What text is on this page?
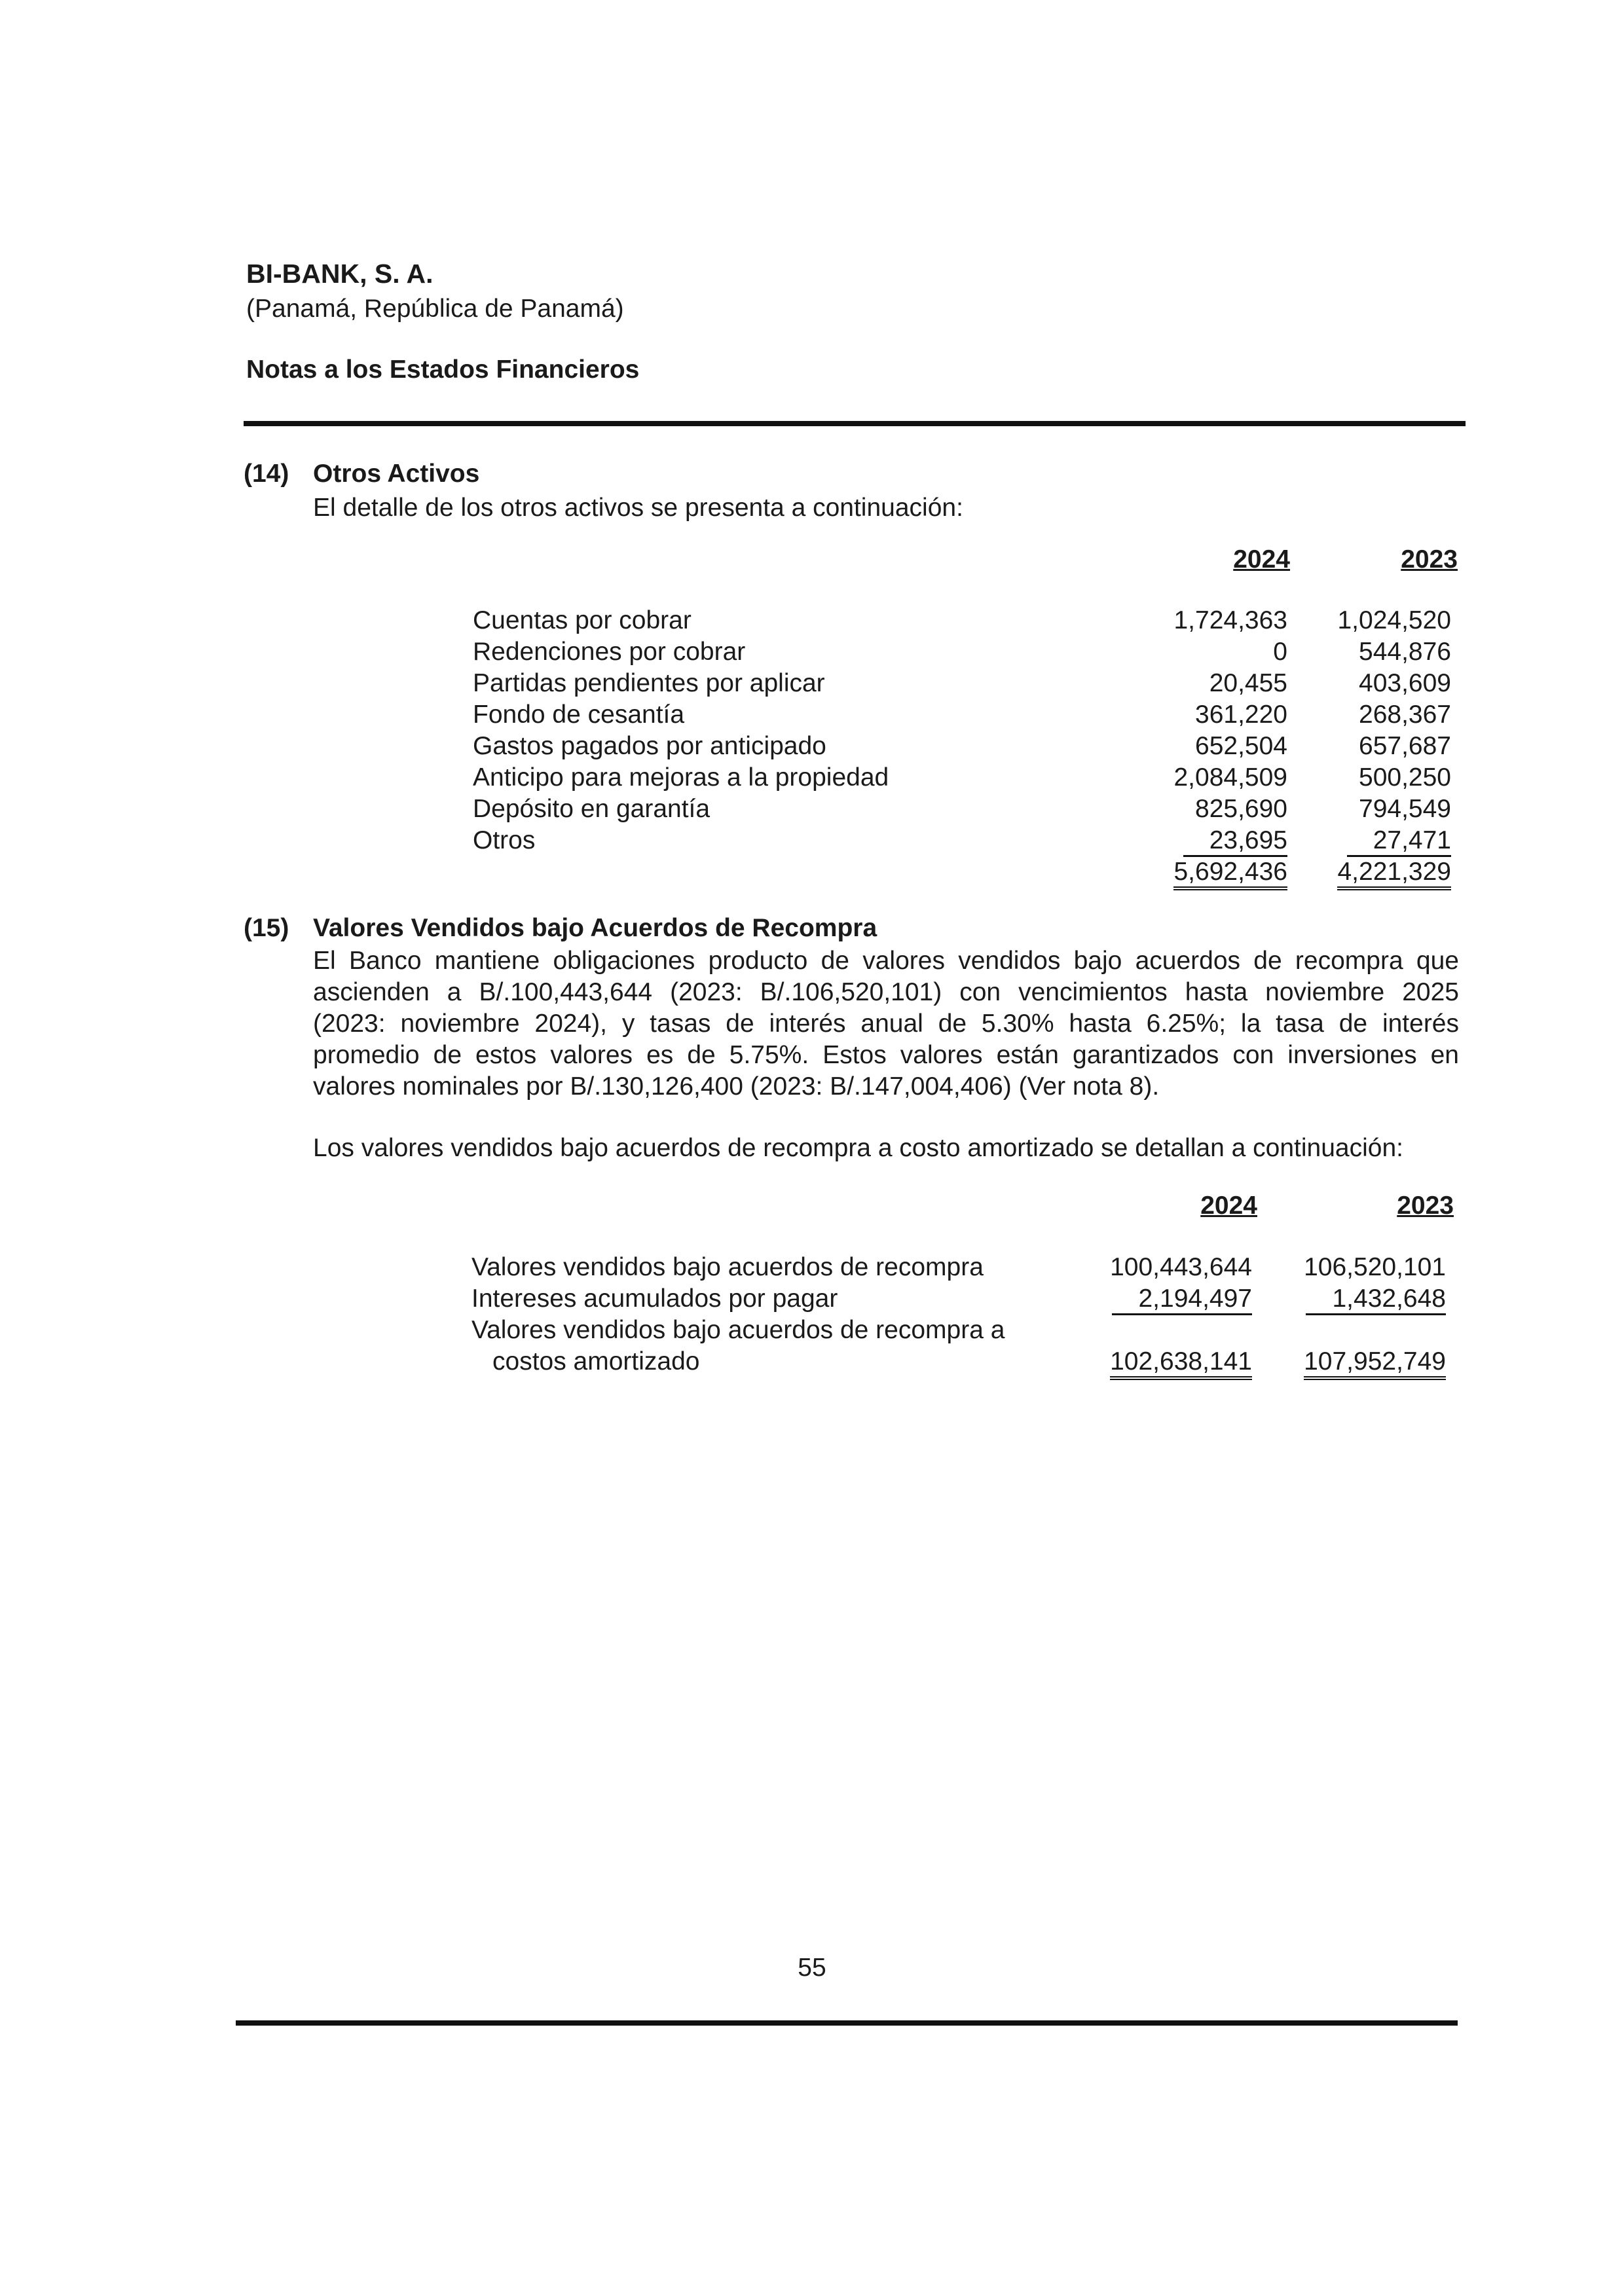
BI-BANK, S. A.
(Panamá, República de Panamá)
Notas a los Estados Financieros
(14) Otros Activos
El detalle de los otros activos se presenta a continuación:
2024	2023
Cuentas por cobrar	1,724,363 1,024,520
Redenciones por cobrar	0	544,876
Partidas pendientes por aplicar	20,455	403,609
Fondo de cesantía	361,220	268,367
Gastos pagados por anticipado	652,504	657,687
Anticipo para mejoras a la propiedad	2,084,509	500,250
Depósito en garantía	825,690	794,549
Otros	23,695	27,471
5,692,436 4,221,329
(15) Valores Vendidos bajo Acuerdos de Recompra
El Banco mantiene obligaciones producto de valores vendidos bajo acuerdos de recompra que
ascienden a B/.100,443,644 (2023: B/.106,520,101) con vencimientos hasta noviembre 2025
(2023: noviembre 2024), y tasas de interés anual de 5.30% hasta 6.25%; la tasa de interés
promedio de estos valores es de 5.75%. Estos valores están garantizados con inversiones en
valores nominales por B/.130,126,400 (2023: B/.147,004,406) (Ver nota 8).
Los valores vendidos bajo acuerdos de recompra a costo amortizado se detallan a continuación:
2024	2023
Valores vendidos bajo acuerdos de recompra	100,443,644 106,520,101
Intereses acumulados por pagar	2,194,497	1,432,648
Valores vendidos bajo acuerdos de recompra a
costos amortizado	102,638,141 107,952,749
55
